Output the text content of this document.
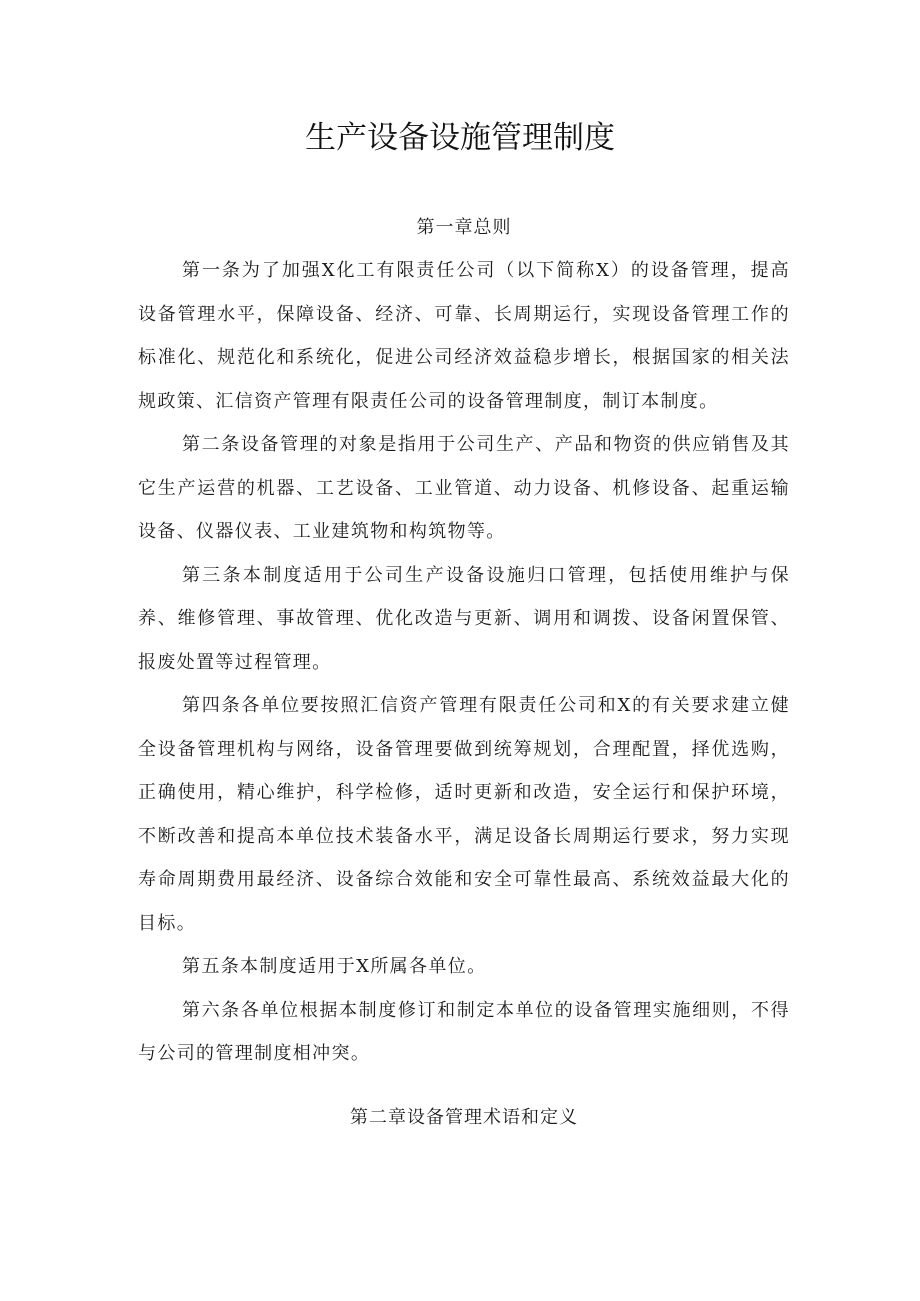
生产设备设施管理制度
第一章总则

第一条为了加强X化工有限责任公司（以下简称X）的设备管理，提高设备管理水平，保障设备、经济、可靠、长周期运行，实现设备管理工作的标准化、规范化和系统化，促进公司经济效益稳步增长，根据国家的相关法规政策、汇信资产管理有限责任公司的设备管理制度，制订本制度。

第二条设备管理的对象是指用于公司生产、产品和物资的供应销售及其它生产运营的机器、工艺设备、工业管道、动力设备、机修设备、起重运输设备、仪器仪表、工业建筑物和构筑物等。

第三条本制度适用于公司生产设备设施归口管理，包括使用维护与保养、维修管理、事故管理、优化改造与更新、调用和调拨、设备闲置保管、报废处置等过程管理。

第四条各单位要按照汇信资产管理有限责任公司和X的有关要求建立健全设备管理机构与网络，设备管理要做到统筹规划，合理配置，择优选购，正确使用，精心维护，科学检修，适时更新和改造，安全运行和保护环境，不断改善和提高本单位技术装备水平，满足设备长周期运行要求，努力实现寿命周期费用最经济、设备综合效能和安全可靠性最高、系统效益最大化的目标。

第五条本制度适用于X所属各单位。

第六条各单位根据本制度修订和制定本单位的设备管理实施细则，不得与公司的管理制度相冲突。

第二章设备管理术语和定义
